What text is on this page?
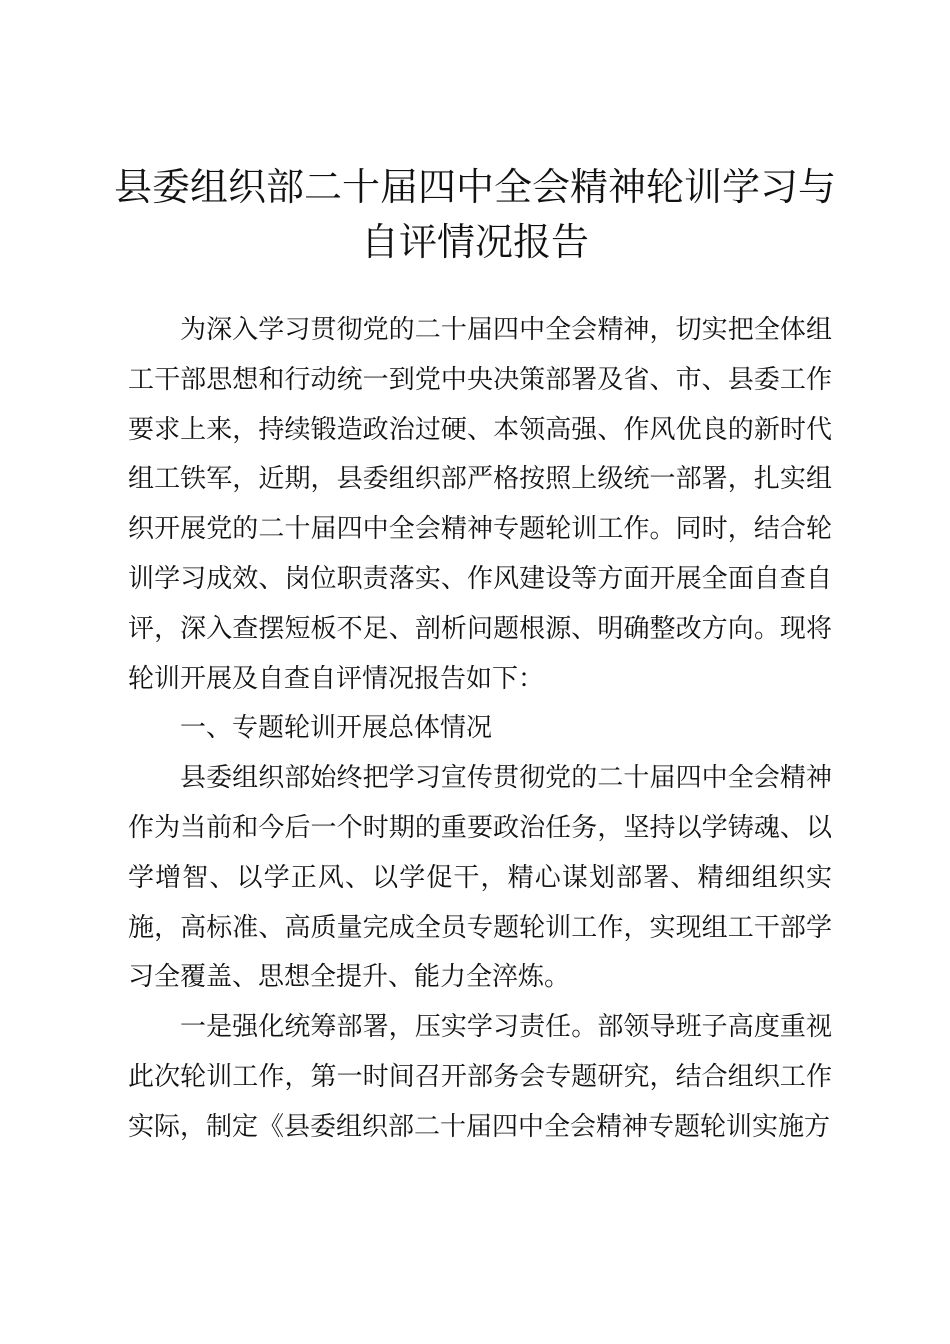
县委组织部二十届四中全会精神轮训学习与自评情况报告

为深入学习贯彻党的二十届四中全会精神，切实把全体组工干部思想和行动统一到党中央决策部署及省、市、县委工作要求上来，持续锻造政治过硬、本领高强、作风优良的新时代组工铁军，近期，县委组织部严格按照上级统一部署，扎实组织开展党的二十届四中全会精神专题轮训工作。同时，结合轮训学习成效、岗位职责落实、作风建设等方面开展全面自查自评，深入查摆短板不足、剖析问题根源、明确整改方向。现将轮训开展及自查自评情况报告如下：

一、专题轮训开展总体情况

县委组织部始终把学习宣传贯彻党的二十届四中全会精神作为当前和今后一个时期的重要政治任务，坚持以学铸魂、以学增智、以学正风、以学促干，精心谋划部署、精细组织实施，高标准、高质量完成全员专题轮训工作，实现组工干部学习全覆盖、思想全提升、能力全淬炼。

一是强化统筹部署，压实学习责任。部领导班子高度重视此次轮训工作，第一时间召开部务会专题研究，结合组织工作实际，制定《县委组织部二十届四中全会精神专题轮训实施方
